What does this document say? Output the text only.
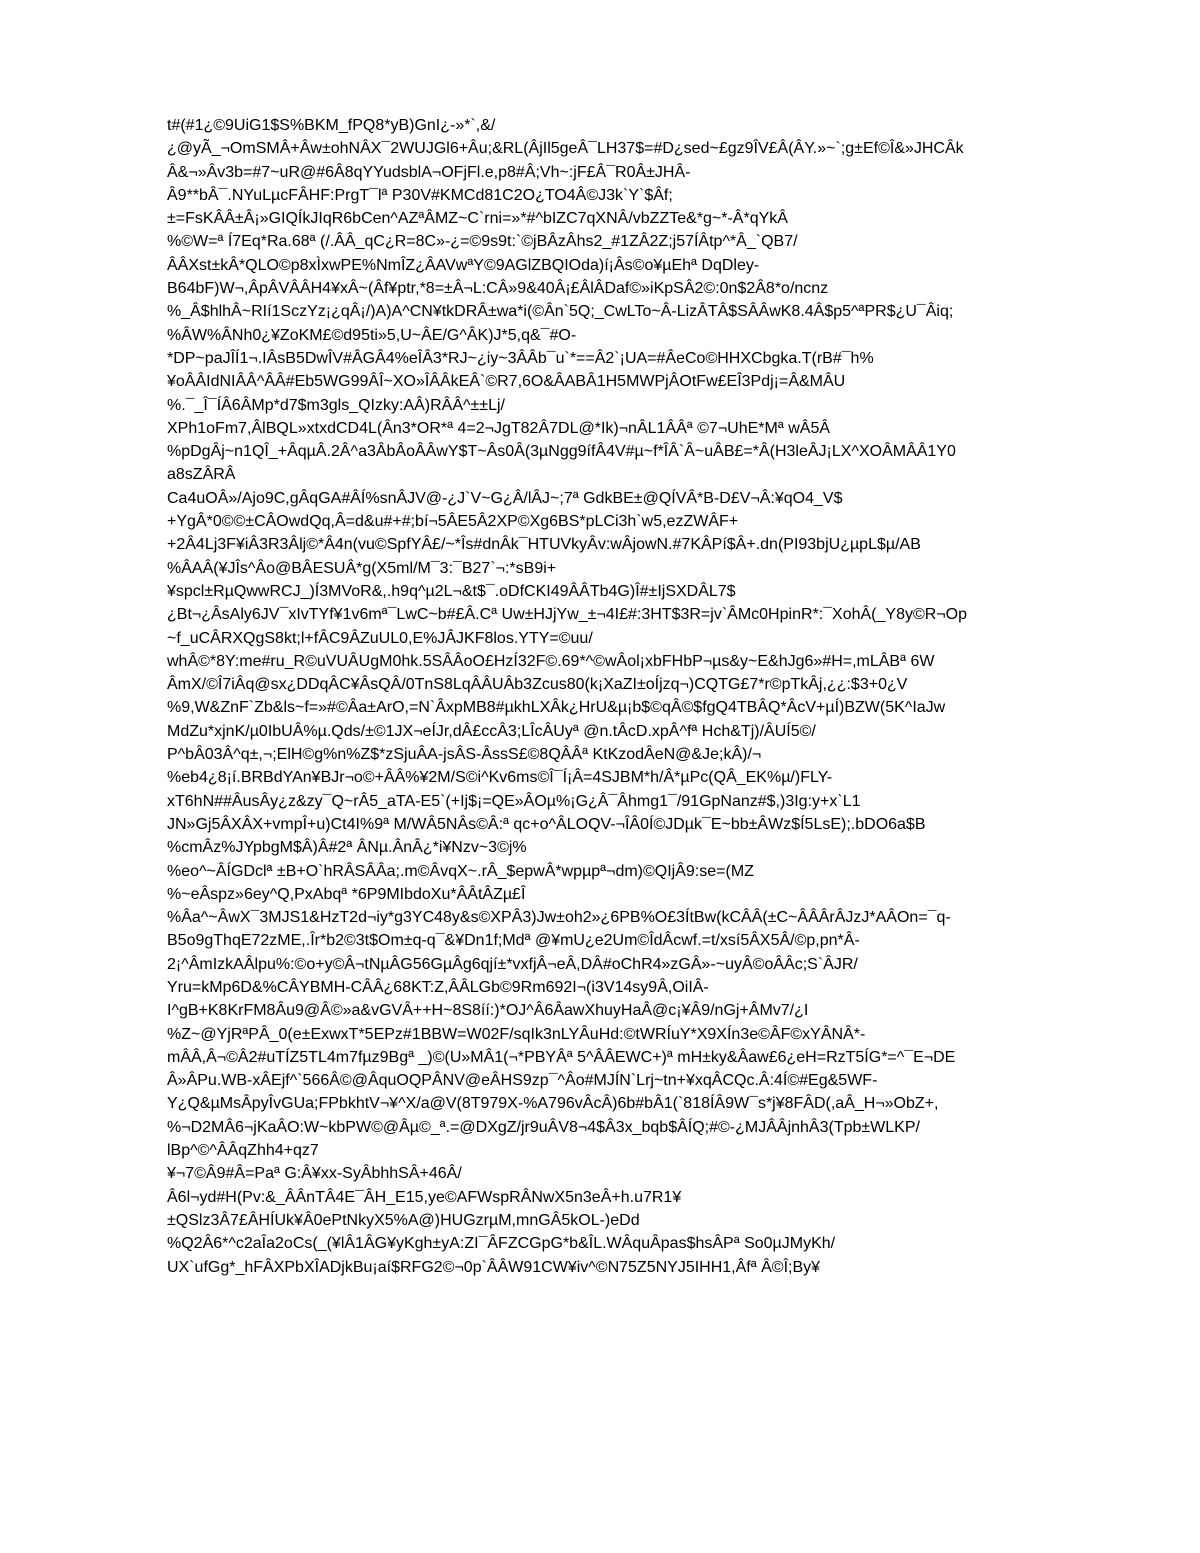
t#(#1¿©9UiG1$S%BKM_fPQ8*yB)GnI¿-»*`,&/
¿@yÃ_¬OmSMÂ+Âw±ohNÂX¯2WUJGl6+Âu;&RL(ÂjIl5geÂ¯LH37$=#D¿sed~£gz9ÎV£Â(ÂY.»~`;g±Ef©Î&»JHCÂk
Â&¬»Âv3b=#7~uR@#6Â8qYYudsblA¬OFjFl.e,p8#Â;Vh~:jF£Â¯R0Â±JHÂ-
Â9**bÂ¯.NYuLµcFÂHF:PrgT¯lª P30V#KMCd81C2O¿TO4Â©J3k`Y`$Âf;
±=FsKÂÂ±Â¡»GIQÍkJIqR6bCen^AZªÂMZ~C`rni=»*#^bIZC7qXNÂ/vbZZTe&*g~*-Â*qYkÂ
%©W=ª Í7Eq*Ra.68ª (/.ÂÂ_qC¿R=8C»-¿=©9s9t:`©jBÂzÂhs2_#1ZÂ2Z;j57ÍÂtp^*Â_`QB7/
ÂÂXst±kÂ*QLO©p8xÌxwPE%NmÎZ¿ÂAVwªY©9AGlZBQIOda)í¡Âs©o¥µEhª DqDley-
B64bF)W¬,ÂpÂVÂÂH4¥xÂ~(Âf¥ptr,*8=±Â¬L:CÂ»9&40Â¡£ÂlÂDaf©»iKpSÂ2©:0n$2Â8*o/ncnz
%_Â$hlhÂ~RIí1SczYz¡¿qÂ¡/)A)A^CN¥tkDRÂ±wa*i(©Ân`5Q;_CwLTo~Â-LizÂTÂ$SÂÂwK8.4Â$p5^ªPR$¿U¯Âiq;
%ÂW%ÂNh0¿¥ZoKM£©d95ti»5,U~ÂE/G^ÂK)J*5,q&¯#O-
*DP~paJÎÍ1¬.IÂsB5DwÎV#ÂGÂ4%eÎÂ3*RJ~¿iy~3ÂÂb¯u`*==Â2`¡UA=#ÂeCo©HHXCbgka.T(rB#¯h%
¥oÂÂIdNIÂÂ^ÂÂ#Eb5WG99ÂÎ~XO»ÎÂÂkEÂ`©R7,6O&ÂABÂ1H5MWPjÂOtFw£EÎ3Pdj¡=Â&MÂU
%.¯_Î¯ÍÂ6ÂMp*d7$m3gls_QIzky:AÂ)RÂÂ^±±Lj/
XPh1oFm7,ÂlBQL»xtxdCD4L(Ân3*OR*ª 4=2¬JgT82Â7DL@*Ik)¬nÂL1ÂÂª ©7¬UhE*Mª wÂ5Â
%pDgÂj~n1QÎ_+ÂqµÂ.2Â^a3ÂbÂoÂÂwY$T~Âs0Â(3µNgg9ífÂ4V#µ~f*ÎÂ`Â~uÂB£=*Â(H3leÂJ¡LX^XOÂMÂÂ1Y0
a8sZÂRÂ
Ca4uOÂ»/Ajo9C,gÂqGA#ÂÍ%snÂJV@-¿J`V~G¿Â/lÂJ~;7ª GdkBE±@QÍVÂ*B-D£V¬Â:¥qO4_V$
+YgÂ*0©©±CÂOwdQq,Â=d&u#+#;bí¬5ÂE5Â2XP©Xg6BS*pLCi3h`w5,ezZWÂF+
+2Â4Lj3F¥iÂ3R3Âlj©*Â4n(vu©SpfYÂ£/~*Îs#dnÂk¯HTUVkyÂv:wÂjowN.#7KÂPí$Â+.dn(PI93bjU¿µpL$µ/AB
%ÂAÂ(¥JÎs^Âo@BÂESUÂ*g(X5ml/M¯3:¯B27`¬:*sB9i+
¥spcl±RµQwwRCJ_)Í3MVoR&,.h9q^µ2L¬&t$¯.oDfCKI49ÂÂTb4G)Î#±IjSXDÂL7$
¿Bt¬¿ÂsAly6JV¯xIvTYf¥1v6mª¯LwC~b#£Â.Cª Uw±HJjYw_±¬4I£#:3HT$3R=jv`ÂMc0HpinR*:¯XohÂ(_Y8y©R¬Op
~f_uCÂRXQgS8kt;l+fÂC9ÂZuUL0,E%JÂJKF8los.YTY=©uu/
whÂ©*8Y:me#ru_R©uVUÂUgM0hk.5SÂÂoO£HzÍ32F©.69*^©wÂol¡xbFHbP¬µs&y~E&hJg6»#H=,mLÂBª 6W
ÂmX/©Î7iÂq@sx¿DDqÂC¥ÂsQÂ/0TnS8LqÂÂUÂb3Zcus80(k¡XaZI±oÍjzq¬)CQTG£7*r©pTkÂj,¿¿:$3+0¿V
%9,W&ZnF`Zb&ls~f=»#©Âa±ArO,=N`ÂxpMB8#µkhLXÂk¿HrU&µ¡b$©qÂ©$fgQ4TBÂQ*ÂcV+µÍ)BZW(5K^IaJw
MdZu*xjnK/µ0IbUÂ%µ.Qds/±©1JX¬eÍJr,dÂ£ccÂ3;LÎcÂUyª @n.tÂcD.xpÂ^fª Hch&Tj)/ÂUÍ5©/
P^bÂ03Â^q±,¬;ElH©g%n%Z$*zSjuÂA-jsÂS-ÂssS£©8QÂÂª KtKzodÂeN@&Je;kÂ)/¬
%eb4¿8¡í.BRBdYAn¥BJr¬o©+ÂÂ%¥2M/S©i^Kv6ms©Î¯Í¡Â=4SJBM*h/Â*µPc(QÂ_EK%µ/)FLY-
xT6hN##ÂusÂy¿z&zy¯Q~rÂ5_aTA-E5`(+Ij$¡=QE»ÂOµ%¡G¿Â¯Âhmg1¯/91GpNanz#$,)3Ig:y+x`L1
JN»Gj5ÂXÂX+vmpÎ+u)Ct4I%9ª M/WÂ5NÂs©Â:ª qc+o^ÂLOQV-¬ÎÂ0Í©JDµk¯E~bb±ÂWz$Í5LsE);.bDO6a$B
%cmÂz%JYpbgM$Â)Â#2ª ÂNµ.ÂnÂ¿*i¥Nzv~3©j%
%eo^~ÂÍGDclª ±B+O`hRÂSÂÂa;.m©ÂvqX~.rÂ_$epwÂ*wpµpª¬dm)©QIjÂ9:se=(MZ
%~eÂspz»6ey^Q,PxAbqª *6P9MIbdoXu*ÂÂtÂZµ£Î
%Âa^~ÂwX¯3MJS1&HzT2d¬iy*g3YC48y&s©XPÂ3)Jw±oh2»¿6PB%O£3ÍtBw(kCÂÂ(±C~ÂÂÂrÂJzJ*AÂOn=¯q-
B5o9gThqE72zME,.Îr*b2©3t$Om±q-q¯&¥Dn1f;Mdª @¥mU¿e2Um©ÎdÂcwf.=t/xsí5ÂX5Â/©p,pn*Â-
2¡^ÂmIzkAÂlpu%:©o+y©Â¬tNµÂG56GµÂg6qjí±*vxfjÂ¬eÂ,DÂ#oChR4»zGÂ»-~uyÂ©oÂÂc;S`ÂJR/
Yru=kMp6D&%CÂYBMH-CÂÂ¿68KT:Z,ÂÂLGb©9Rm692I¬(i3V14sy9Â,OiIÂ-
I^gB+K8KrFM8Âu9@Â©»a&vGVÂ++H~8S8íí:)*OJ^Â6ÂawXhuyHaÂ@c¡¥Â9/nGj+ÂMv7/¿I
%Z~@YjRªPÂ_0(e±ExwxT*5EPz#1BBW=W02F/sqIk3nLYÂuHd:©tWRÍuY*X9XÍn3e©ÂF©xYÂNÂ*-
mÂÂ,Â¬©Â2#uTÍZ5TL4m7fµz9Bgª _)©(U»MÂ1(¬*PBYÂª 5^ÂÂEWC+)ª mH±ky&Âaw£6¿eH=RzT5ÍG*=^¯E¬DE
Â»ÂPu.WB-xÂEjf^`566Â©@ÂquOQPÂNV@eÂHS9zp¯^Âo#MJÍN`Lrj~tn+¥xqÂCQc.Â:4Í©#Eg&5WF-
Y¿Q&µMsÂpyÎvGUa;FPbkhtV¬¥^X/a@V(8T979X-%A796vÂcÂ)6b#bÂ1(`818ÍÂ9W¯s*j¥8FÂD(,aÂ_H¬»ObZ+,
%¬D2MÂ6¬jKaÂO:W~kbPW©@Âµ©_ª.=@DXgZ/jr9uÂV8¬4$Â3x_bqb$ÂÍQ;#©-¿MJÂÂjnhÂ3(Tpb±WLKP/
lBp^©^ÂÂqZhh4+qz7
¥¬7©Â9#Â=Paª G:Â¥xx-SyÂbhhSÂ+46Â/
Â6l¬yd#H(Pv:&_ÂÂnTÂ4E¯ÂH_E15,ye©AFWspRÂNwX5n3eÂ+h.u7R1¥
±QSlz3Â7£ÂHÍUk¥Â0ePtNkyX5%A@)HUGzrµM,mnGÂ5kOL-)eDd
%Q2Â6*^c2aÎa2oCs(_(¥lÂ1ÂG¥yKgh±yA:ZI¯ÂFZCGpG*b&ÎL.WÂquÂpas$hsÂPª So0µJMyKh/
UX`ufGg*_hFÂXPbXÎADjkBu¡aí$RFG2©¬0p`ÂÂW91CW¥iv^©N75Z5NYJ5IHH1,Âfª Â©Î;By¥
